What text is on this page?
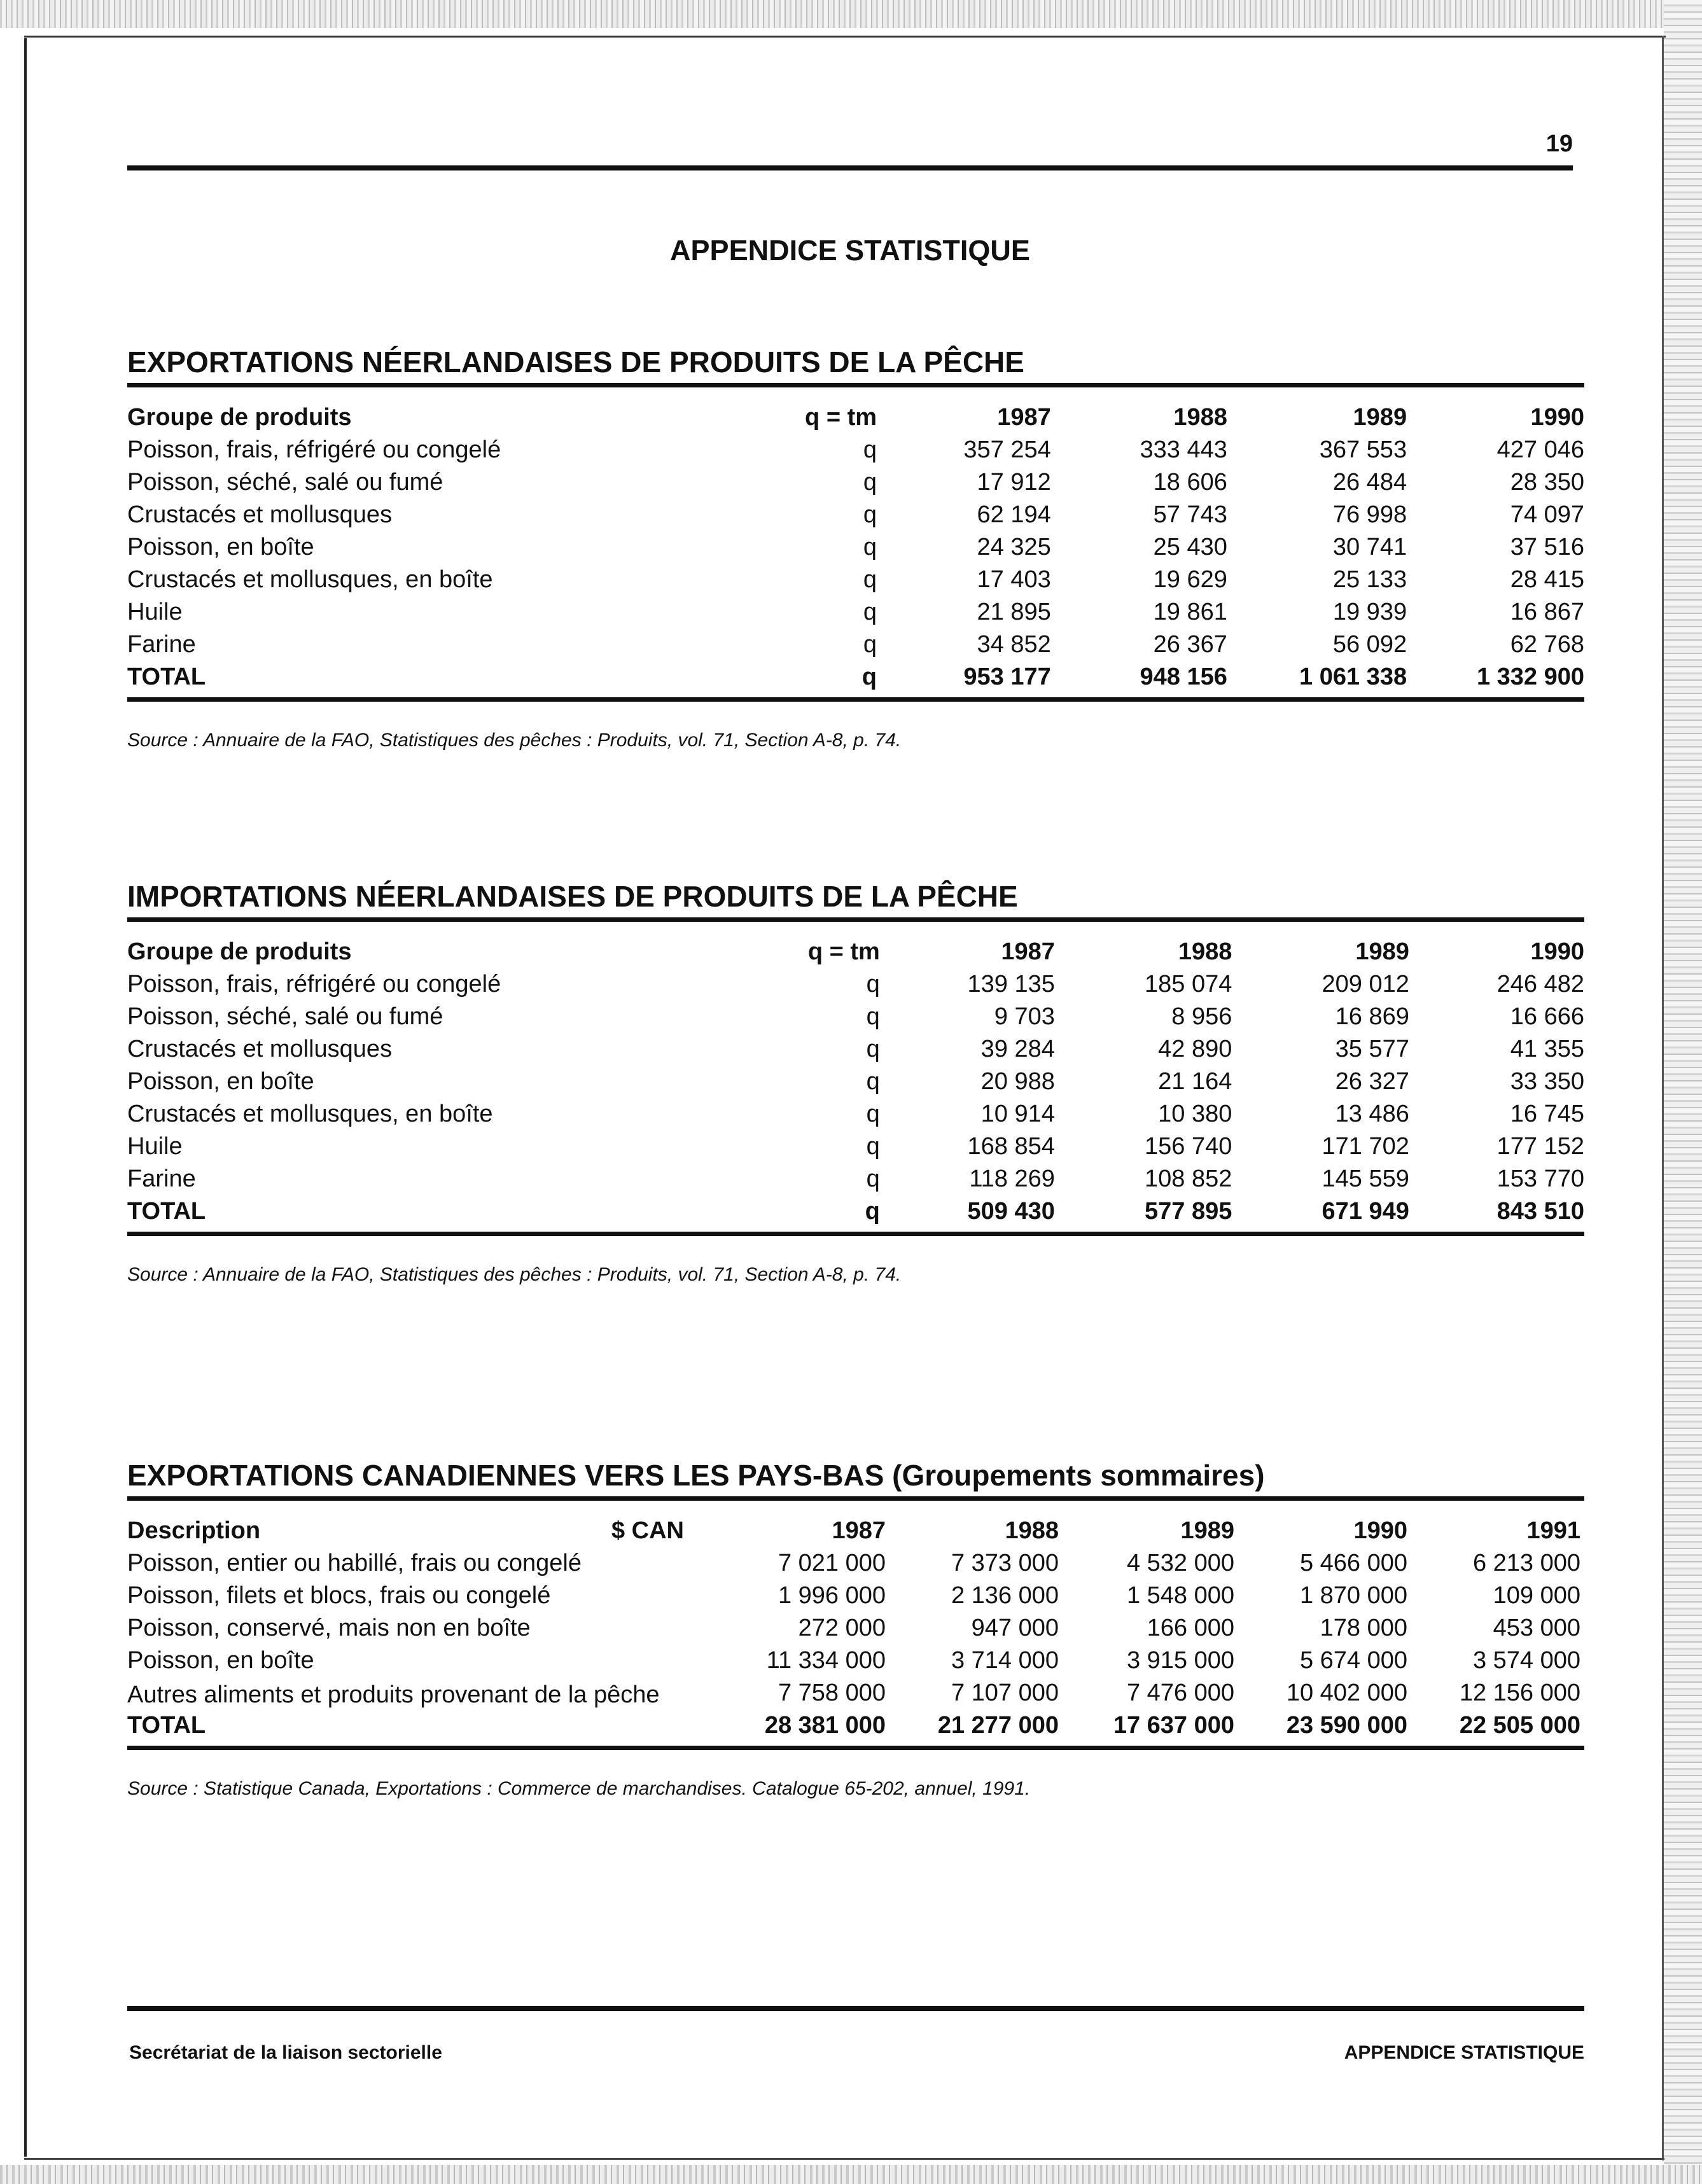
19
APPENDICE STATISTIQUE
EXPORTATIONS NÉERLANDAISES DE PRODUITS DE LA PÊCHE
Groupe de produits	q = tm	1987	1988	1989	1990
Poisson, frais, réfrigéré ou congelé	q	357 254	333 443	367 553	427 046
Poisson, séché, salé ou fumé	q	17 912	18 606	26 484	28 350
Crustacés et mollusques	q	62 194	57 743	76 998	74 097
Poisson, en boîte	q	24 325	25 430	30 741	37 516
Crustacés et mollusques, en boîte	q	17 403	19 629	25 133	28 415
Huile	q	21 895	19 861	19 939	16 867
Farine	q	34 852	26 367	56 092	62 768
TOTAL	q	953 177	948 156	1 061 338	1 332 900
Source : Annuaire de la FAO, Statistiques des pêches : Produits, vol. 71, Section A-8, p. 74.
IMPORTATIONS NÉERLANDAISES DE PRODUITS DE LA PÊCHE
Groupe de produits	q = tm	1987	1988	1989	1990
Poisson, frais, réfrigéré ou congelé	q	139 135	185 074	209 012	246 482
Poisson, séché, salé ou fumé	q	9 703	8 956	16 869	16 666
Crustacés et mollusques	q	39 284	42 890	35 577	41 355
Poisson, en boîte	q	20 988	21 164	26 327	33 350
Crustacés et mollusques, en boîte	q	10 914	10 380	13 486	16 745
Huile	q	168 854	156 740	171 702	177 152
Farine	q	118 269	108 852	145 559	153 770
TOTAL	q	509 430	577 895	671 949	843 510
Source : Annuaire de la FAO, Statistiques des pêches : Produits, vol. 71, Section A-8, p. 74.
EXPORTATIONS CANADIENNES VERS LES PAYS-BAS (Groupements sommaires)
Description $ CAN	1987	1988	1989	1990	1991
Poisson, entier ou habillé, frais ou congelé	7 021 000	7 373 000	4 532 000	5 466 000	6 213 000
Poisson, filets et blocs, frais ou congelé	1 996 000	2 136 000	1 548 000	1 870 000	109 000
Poisson, conservé, mais non en boîte	272 000	947 000	166 000	178 000	453 000
Poisson, en boîte	11 334 000	3 714 000	3 915 000	5 674 000	3 574 000
Autres aliments et produits provenant de la pêche	7 758 000	7 107 000	7 476 000	10 402 000	12 156 000
TOTAL	28 381 000	21 277 000	17 637 000	23 590 000	22 505 000
Source : Statistique Canada, Exportations : Commerce de marchandises. Catalogue 65-202, annuel, 1991.
Secrétariat de la liaison sectorielle	APPENDICE STATISTIQUE
